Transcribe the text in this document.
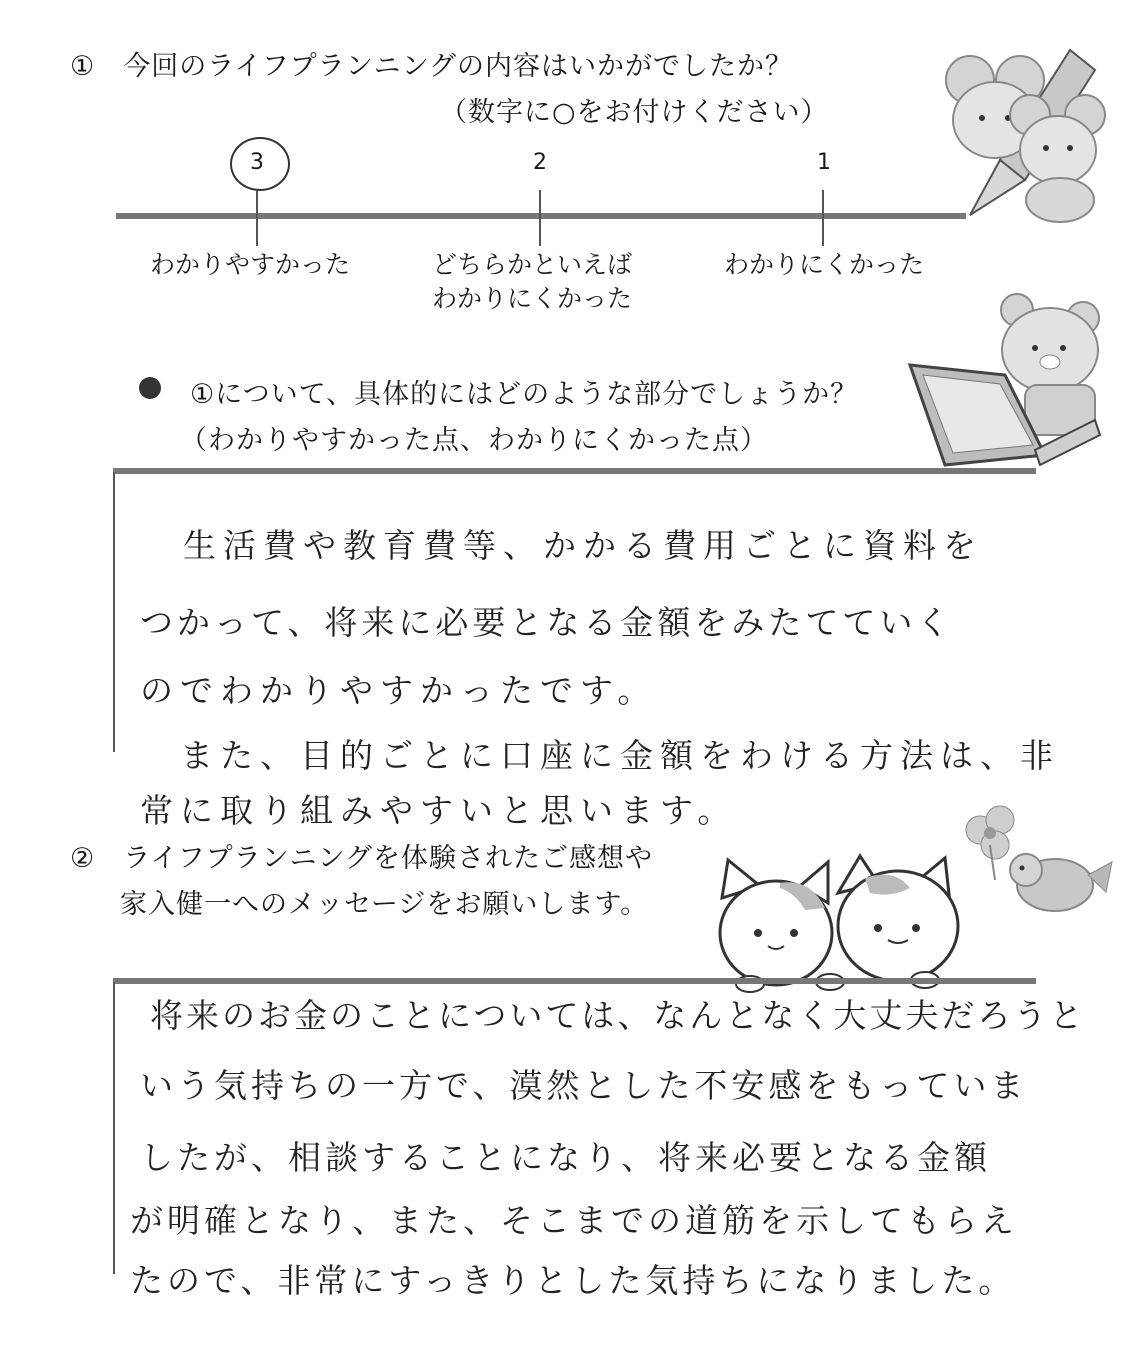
①　今回のライフプランニングの内容はいかがでしたか？
（数字に○をお付けください）
3	2	1
わかりやすかった	どちらかといえば
わかりにくかった
わかりにくかった
①について、具体的にはどのような部分でしょうか？
（わかりやすかった点、わかりにくかった点）
生活費や教育費等、かかる費用ごとに資料を
つかって、将来に必要となる金額をみたてていく
のでわかりやすかったです。
また、目的ごとに口座に金額をわける方法は、非
常に取り組みやすいと思います。
②　ライフプランニングを体験されたご感想や
家入健一へのメッセージをお願いします。
将来のお金のことについては、なんとなく大丈夫だろうと
いう気持ちの一方で、漠然とした不安感をもっていま
したが、相談することになり、将来必要となる金額
が明確となり、また、そこまでの道筋を示してもらえ
たので、非常にすっきりとした気持ちになりました。
